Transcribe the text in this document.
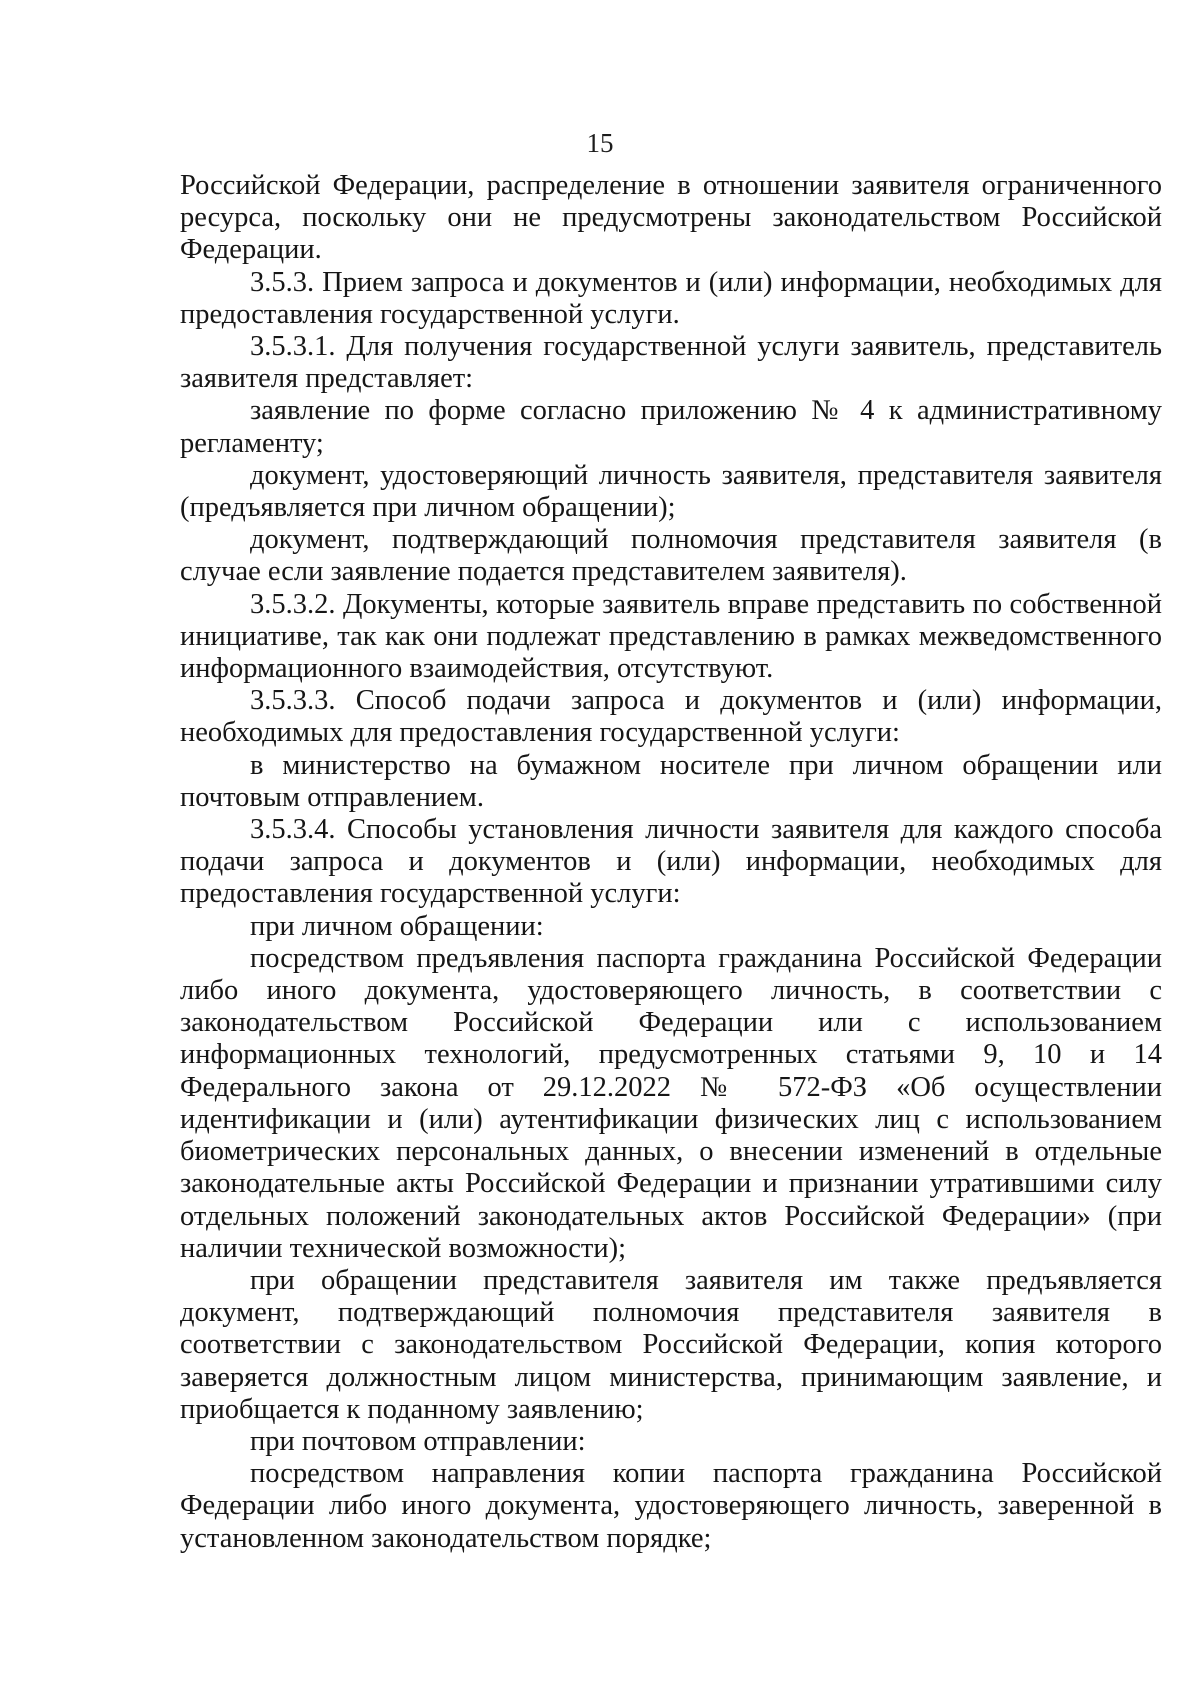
15

Российской Федерации, распределение в отношении заявителя ограниченного ресурса, поскольку они не предусмотрены законодательством Российской Федерации.

3.5.3. Прием запроса и документов и (или) информации, необходимых для предоставления государственной услуги.

3.5.3.1. Для получения государственной услуги заявитель, представитель заявителя представляет:

заявление по форме согласно приложению № 4 к административному регламенту;

документ, удостоверяющий личность заявителя, представителя заявителя (предъявляется при личном обращении);

документ, подтверждающий полномочия представителя заявителя (в случае если заявление подается представителем заявителя).

3.5.3.2. Документы, которые заявитель вправе представить по собственной инициативе, так как они подлежат представлению в рамках межведомственного информационного взаимодействия, отсутствуют.

3.5.3.3. Способ подачи запроса и документов и (или) информации, необходимых для предоставления государственной услуги:

в министерство на бумажном носителе при личном обращении или почтовым отправлением.

3.5.3.4. Способы установления личности заявителя для каждого способа подачи запроса и документов и (или) информации, необходимых для предоставления государственной услуги:

при личном обращении:

посредством предъявления паспорта гражданина Российской Федерации либо иного документа, удостоверяющего личность, в соответствии с законодательством Российской Федерации или с использованием информационных технологий, предусмотренных статьями 9, 10 и 14 Федерального закона от 29.12.2022 № 572-ФЗ «Об осуществлении идентификации и (или) аутентификации физических лиц с использованием биометрических персональных данных, о внесении изменений в отдельные законодательные акты Российской Федерации и признании утратившими силу отдельных положений законодательных актов Российской Федерации» (при наличии технической возможности);

при обращении представителя заявителя им также предъявляется документ, подтверждающий полномочия представителя заявителя в соответствии с законодательством Российской Федерации, копия которого заверяется должностным лицом министерства, принимающим заявление, и приобщается к поданному заявлению;

при почтовом отправлении:

посредством направления копии паспорта гражданина Российской Федерации либо иного документа, удостоверяющего личность, заверенной в установленном законодательством порядке;
